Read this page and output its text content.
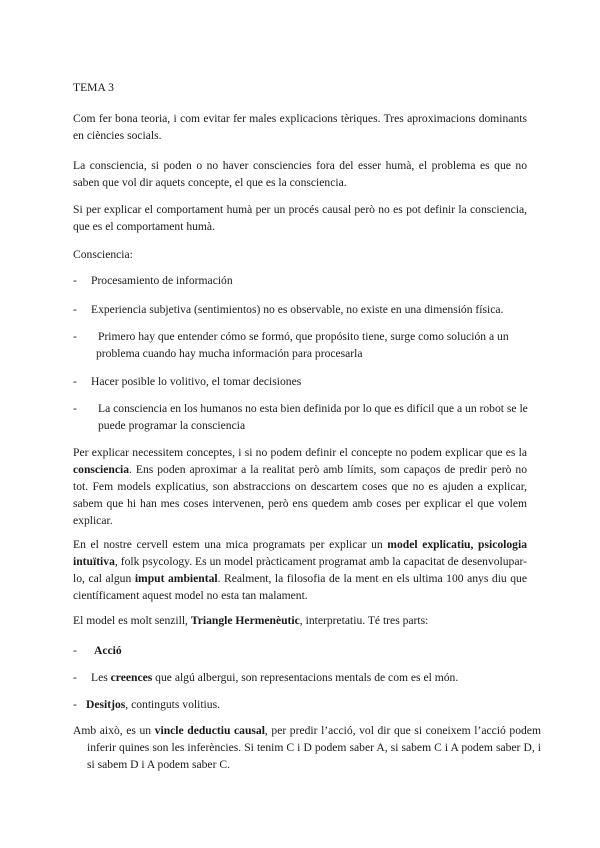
TEMA 3

Com fer bona teoria, i com evitar fer males explicacions tèriques. Tres aproximacions dominants en ciències socials.

La consciencia, si poden o no haver consciencies fora del esser humà, el problema es que no saben que vol dir aquets concepte, el que es la consciencia.

Si per explicar el comportament humà per un procés causal però no es pot definir la consciencia, que es el comportament humà.

Consciencia:

- Procesamiento de información
- Experiencia subjetiva (sentimientos) no es observable, no existe en una dimensión física.
- Primero hay que entender cómo se formó, que propósito tiene, surge como solución a un problema cuando hay mucha información para procesarla
- Hacer posible lo volitivo, el tomar decisiones
- La consciencia en los humanos no esta bien definida por lo que es difícil que a un robot se le puede programar la consciencia

Per explicar necessitem conceptes, i si no podem definir el concepte no podem explicar que es la consciencia. Ens poden aproximar a la realitat però amb límits, som capaços de predir però no tot. Fem models explicatius, son abstraccions on descartem coses que no es ajuden a explicar, sabem que hi han mes coses intervenen, però ens quedem amb coses per explicar el que volem explicar.

En el nostre cervell estem una mica programats per explicar un model explicatiu, psicologia intuïtiva, folk psycology. Es un model pràcticament programat amb la capacitat de desenvolupar-lo, cal algun imput ambiental. Realment, la filosofia de la ment en els ultima 100 anys diu que científicament aquest model no esta tan malament.

El model es molt senzill, Triangle Hermenèutic, interpretatiu. Té tres parts:

- Acció
- Les creences que algú albergui, son representacions mentals de com es el món.
- Desitjos, continguts volitius.

Amb això, es un vincle deductiu causal, per predir l’acció, vol dir que si coneixem l’acció podem inferir quines son les inferències. Si tenim C i D podem saber A, si sabem C i A podem saber D, i si sabem D i A podem saber C.
